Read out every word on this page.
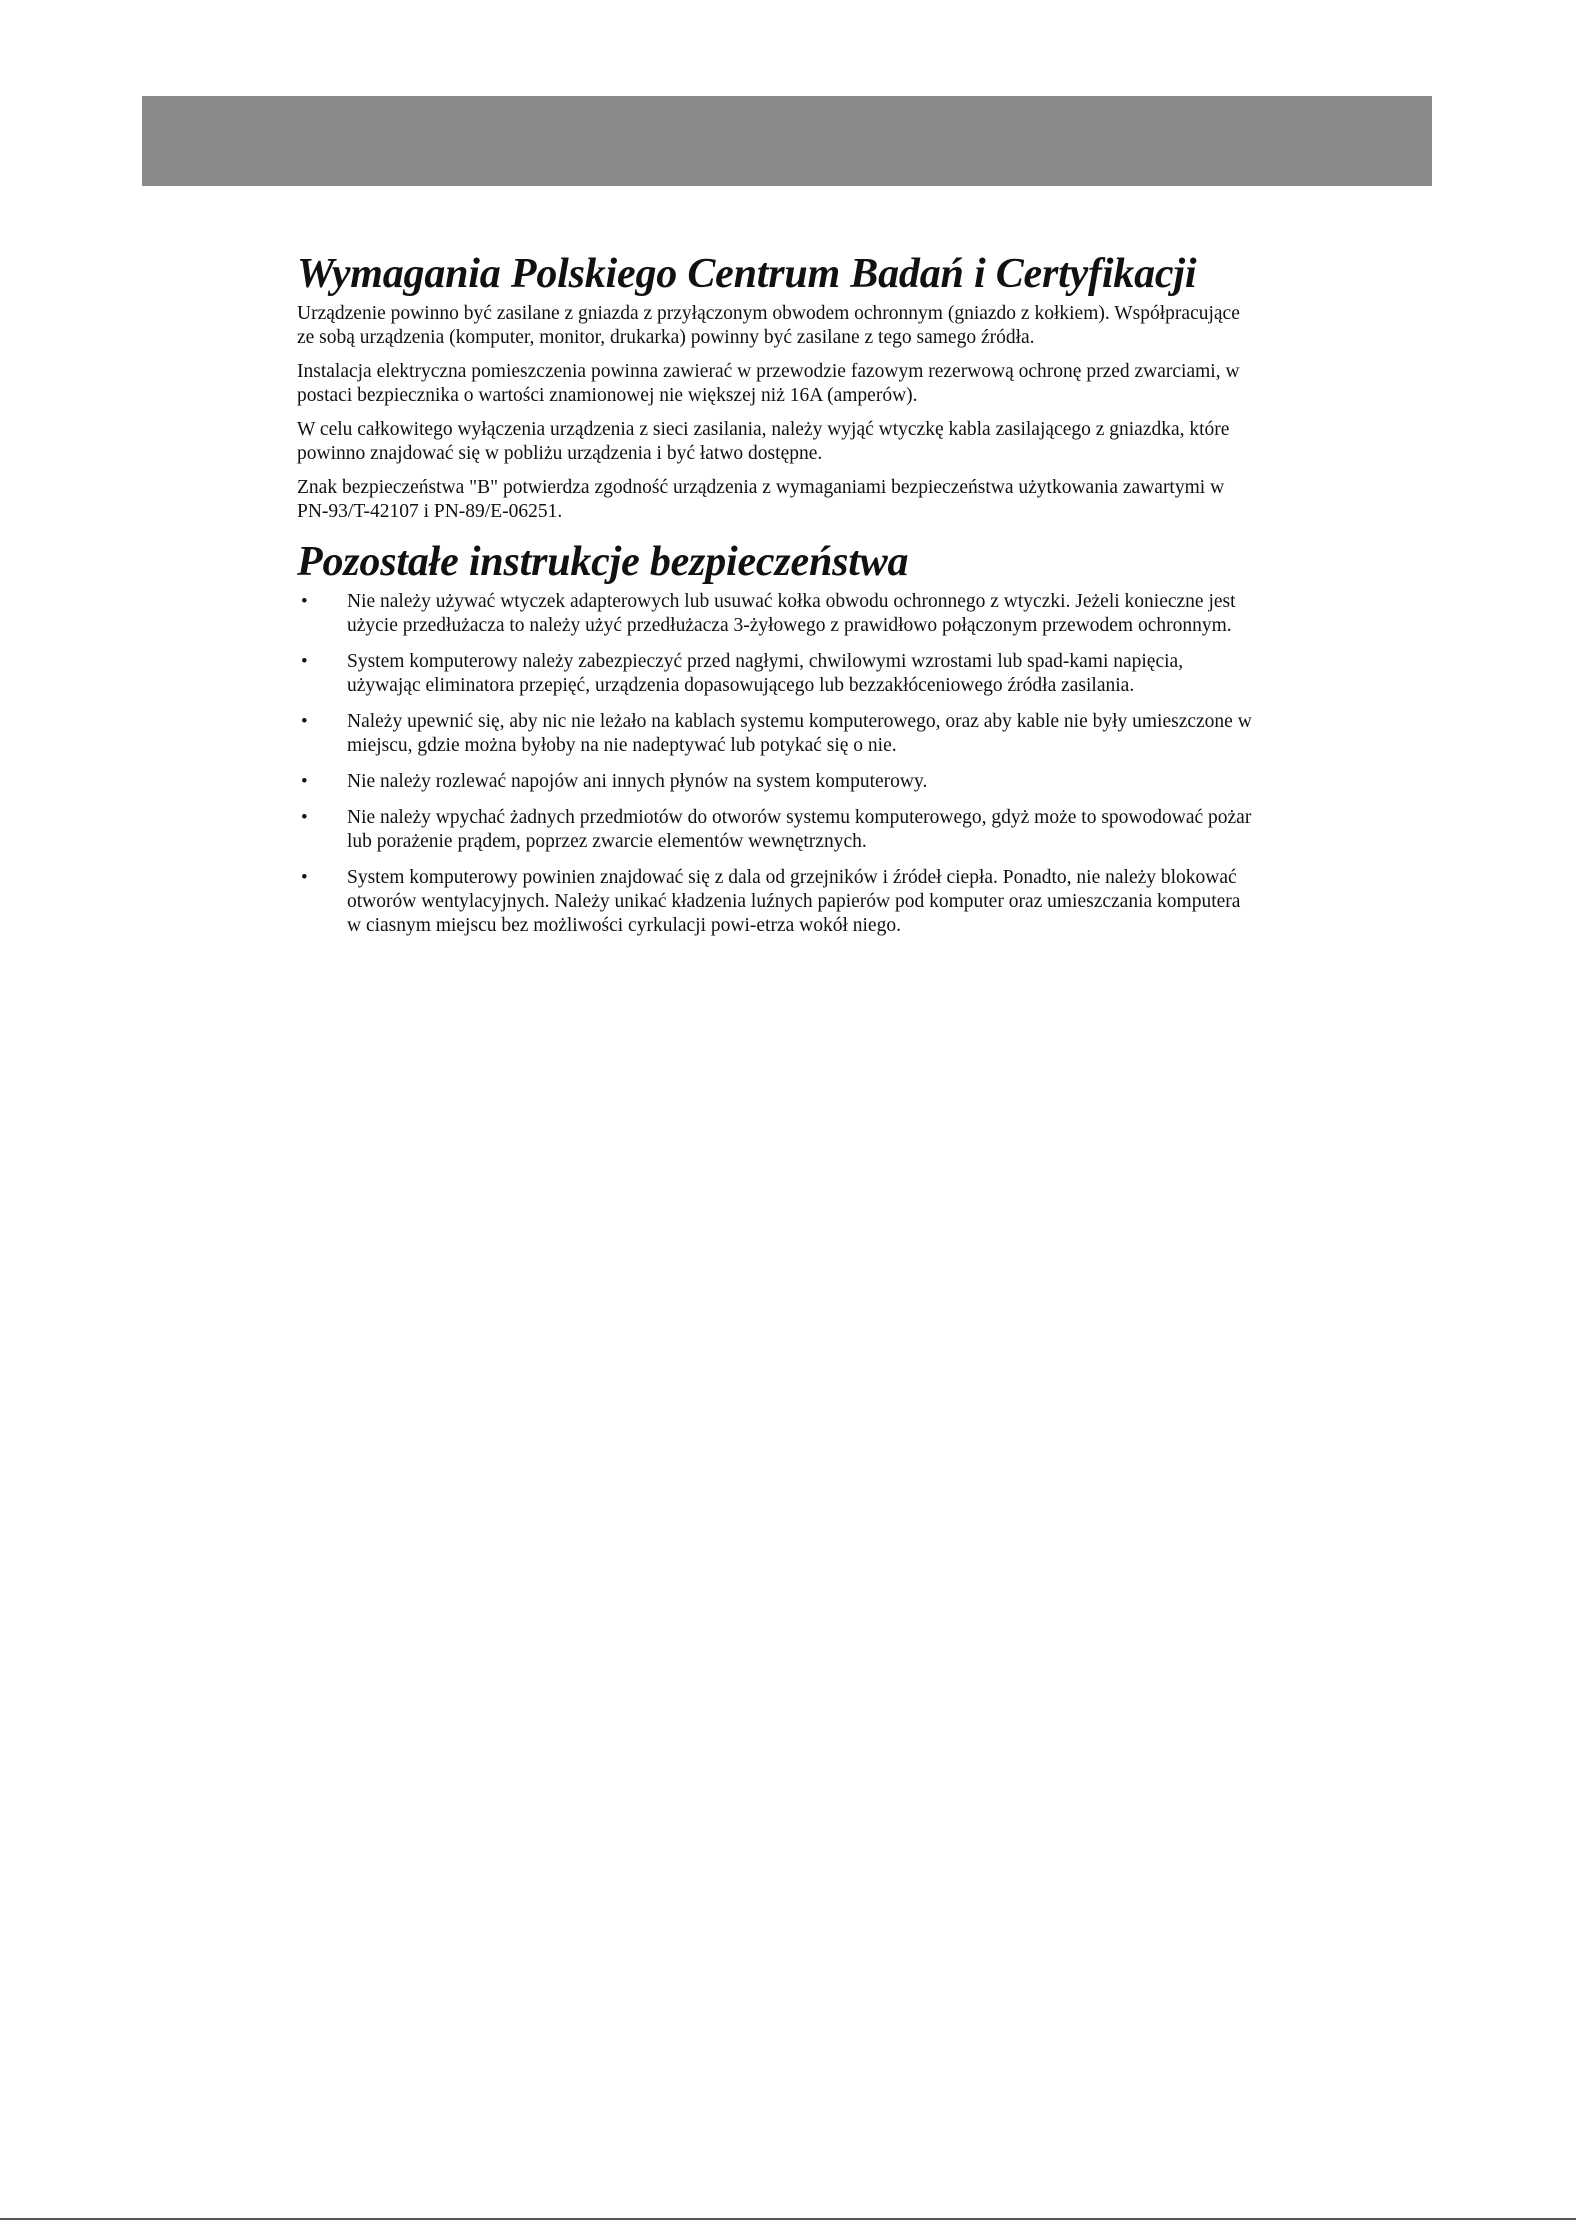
Wymagania Polskiego Centrum Badań i Certyfikacji

Urządzenie powinno być zasilane z gniazda z przyłączonym obwodem ochronnym (gniazdo z kołkiem). Współpracujące ze sobą urządzenia (komputer, monitor, drukarka) powinny być zasilane z tego samego źródła.

Instalacja elektryczna pomieszczenia powinna zawierać w przewodzie fazowym rezerwową ochronę przed zwarciami, w postaci bezpiecznika o wartości znamionowej nie większej niż 16A (amperów).

W celu całkowitego wyłączenia urządzenia z sieci zasilania, należy wyjąć wtyczkę kabla zasilającego z gniazdka, które powinno znajdować się w pobliżu urządzenia i być łatwo dostępne.

Znak bezpieczeństwa "B" potwierdza zgodność urządzenia z wymaganiami bezpieczeństwa użytkowania zawartymi w PN-93/T-42107 i PN-89/E-06251.

Pozostałe instrukcje bezpieczeństwa
• Nie należy używać wtyczek adapterowych lub usuwać kołka obwodu ochronnego z wtyczki. Jeżeli konieczne jest użycie przedłużacza to należy użyć przedłużacza 3-żyłowego z prawidłowo połączonym przewodem ochronnym.
• System komputerowy należy zabezpieczyć przed nagłymi, chwilowymi wzrostami lub spad-kami napięcia, używając eliminatora przepięć, urządzenia dopasowującego lub bezzakłóceniowego źródła zasilania.
• Należy upewnić się, aby nic nie leżało na kablach systemu komputerowego, oraz aby kable nie były umieszczone w miejscu, gdzie można byłoby na nie nadeptywać lub potykać się o nie.
• Nie należy rozlewać napojów ani innych płynów na system komputerowy.
• Nie należy wpychać żadnych przedmiotów do otworów systemu komputerowego, gdyż może to spowodować pożar lub porażenie prądem, poprzez zwarcie elementów wewnętrznych.
• System komputerowy powinien znajdować się z dala od grzejników i źródeł ciepła. Ponadto, nie należy blokować otworów wentylacyjnych. Należy unikać kładzenia luźnych papierów pod komputer oraz umieszczania komputera w ciasnym miejscu bez możliwości cyrkulacji powi-etrza wokół niego.
